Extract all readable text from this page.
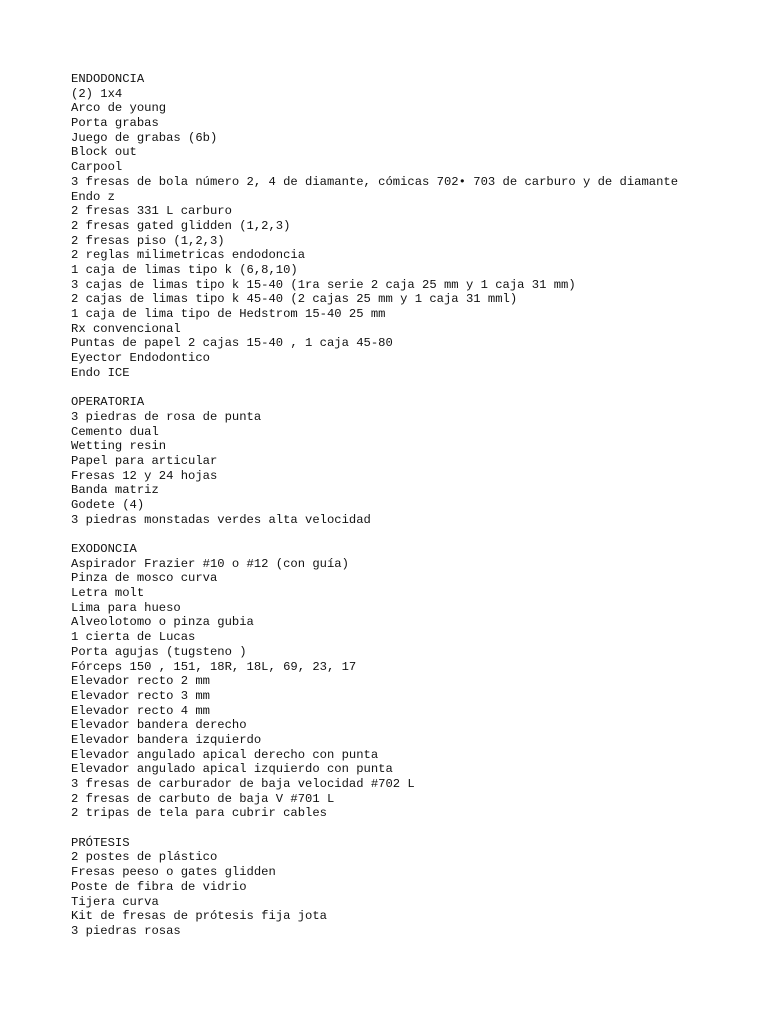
ENDODONCIA
(2) 1x4
Arco de young
Porta grabas
Juego de grabas (6b)
Block out
Carpool
3 fresas de bola número 2, 4 de diamante, cómicas 702• 703 de carburo y de diamante
Endo z
2 fresas 331 L carburo
2 fresas gated glidden (1,2,3)
2 fresas piso (1,2,3)
2 reglas milimetricas endodoncia
1 caja de limas tipo k (6,8,10)
3 cajas de limas tipo k 15-40 (1ra serie 2 caja 25 mm y 1 caja 31 mm)
2 cajas de limas tipo k 45-40 (2 cajas 25 mm y 1 caja 31 mml)
1 caja de lima tipo de Hedstrom 15-40 25 mm
Rx convencional
Puntas de papel 2 cajas 15-40 , 1 caja 45-80
Eyector Endodontico
Endo ICE
OPERATORIA
3 piedras de rosa de punta
Cemento dual
Wetting resin
Papel para articular
Fresas 12 y 24 hojas
Banda matriz
Godete (4)
3 piedras monstadas verdes alta velocidad
EXODONCIA
Aspirador Frazier #10 o #12 (con guía)
Pinza de mosco curva
Letra molt
Lima para hueso
Alveolotomo o pinza gubia
1 cierta de Lucas
Porta agujas (tugsteno )
Fórceps 150 , 151, 18R, 18L, 69, 23, 17
Elevador recto 2 mm
Elevador recto 3 mm
Elevador recto 4 mm
Elevador bandera derecho
Elevador bandera izquierdo
Elevador angulado apical derecho con punta
Elevador angulado apical izquierdo con punta
3 fresas de carburador de baja velocidad #702 L
2 fresas de carbuto de baja V #701 L
2 tripas de tela para cubrir cables
PRÓTESIS
2 postes de plástico
Fresas peeso o gates glidden
Poste de fibra de vidrio
Tijera curva
Kit de fresas de prótesis fija jota
3 piedras rosas
